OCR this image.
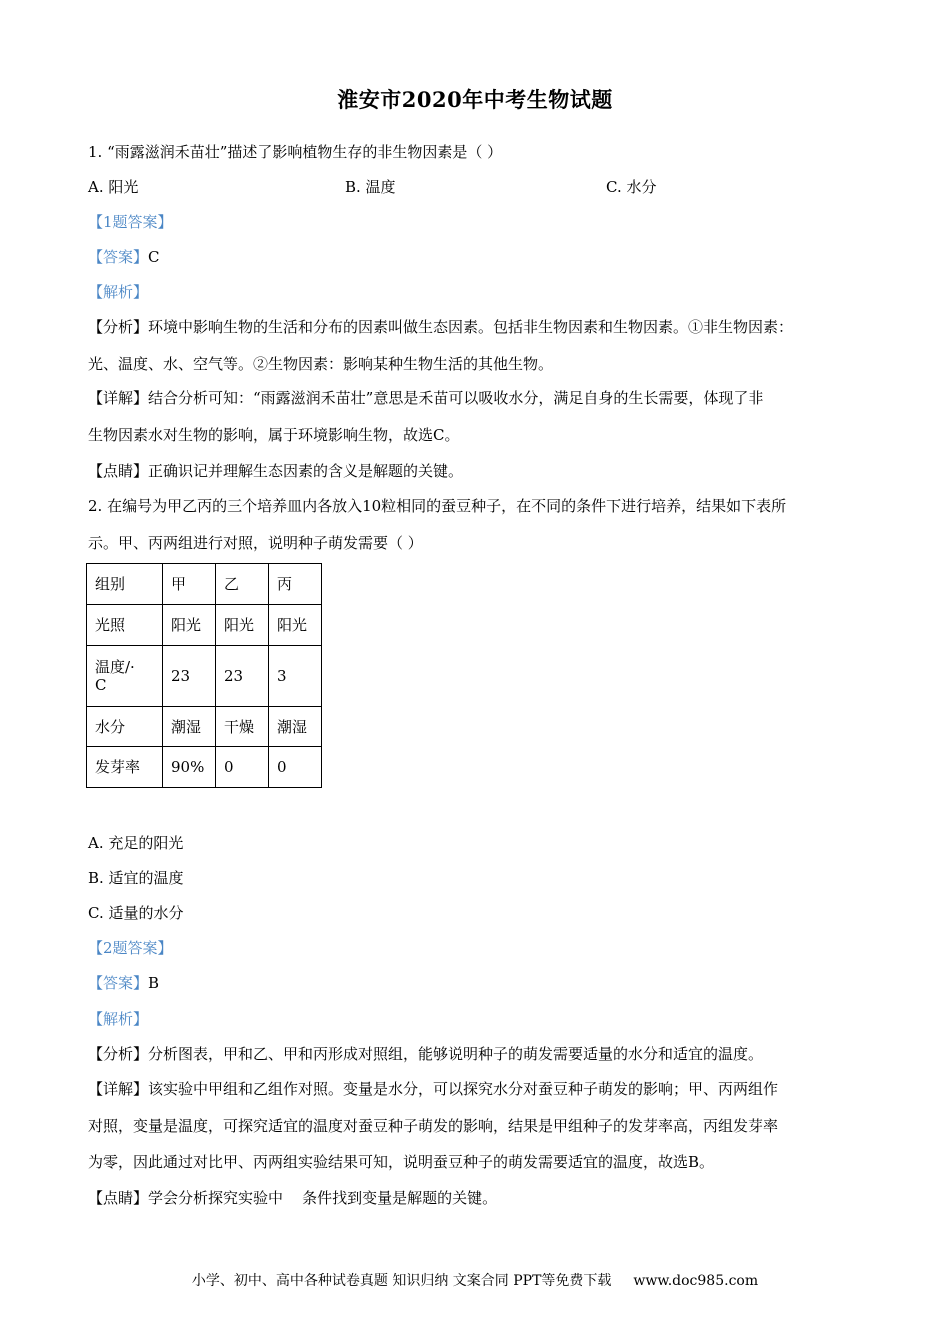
淮安市2020年中考生物试题
1. “雨露滋润禾苗壮”描述了影响植物生存的非生物因素是（ ）
A. 阳光	B. 温度	C. 水分
【1题答案】
【答案】C
【解析】
【分析】环境中影响生物的生活和分布的因素叫做生态因素。包括非生物因素和生物因素。①非生物因素：
光、温度、水、空气等。②生物因素：影响某种生物生活的其他生物。
【详解】结合分析可知：“雨露滋润禾苗壮”意思是禾苗可以吸收水分，满足自身的生长需要，体现了非
生物因素水对生物的影响，属于环境影响生物，故选C。
【点睛】正确识记并理解生态因素的含义是解题的关键。
2. 在编号为甲乙丙的三个培养皿内各放入10粒相同的蚕豆种子，在不同的条件下进行培养，结果如下表所
示。甲、丙两组进行对照，说明种子萌发需要（ ）
组别	甲	乙	丙
光照	阳光	阳光	阳光
温度/·C	23	23	3
水分	潮湿	干燥	潮湿
发芽率	90%	0	0
A. 充足的阳光
B. 适宜的温度
C. 适量的水分
【2题答案】
【答案】B
【解析】
【分析】分析图表，甲和乙、甲和丙形成对照组，能够说明种子的萌发需要适量的水分和适宜的温度。
【详解】该实验中甲组和乙组作对照。变量是水分，可以探究水分对蚕豆种子萌发的影响；甲、丙两组作
对照，变量是温度，可探究适宜的温度对蚕豆种子萌发的影响，结果是甲组种子的发芽率高，丙组发芽率
为零，因此通过对比甲、丙两组实验结果可知，说明蚕豆种子的萌发需要适宜的温度，故选B。
【点睛】学会分析探究实验中    条件找到变量是解题的关键。
小学、初中、高中各种试卷真题 知识归纳 文案合同 PPT等免费下载 www.doc985.com
